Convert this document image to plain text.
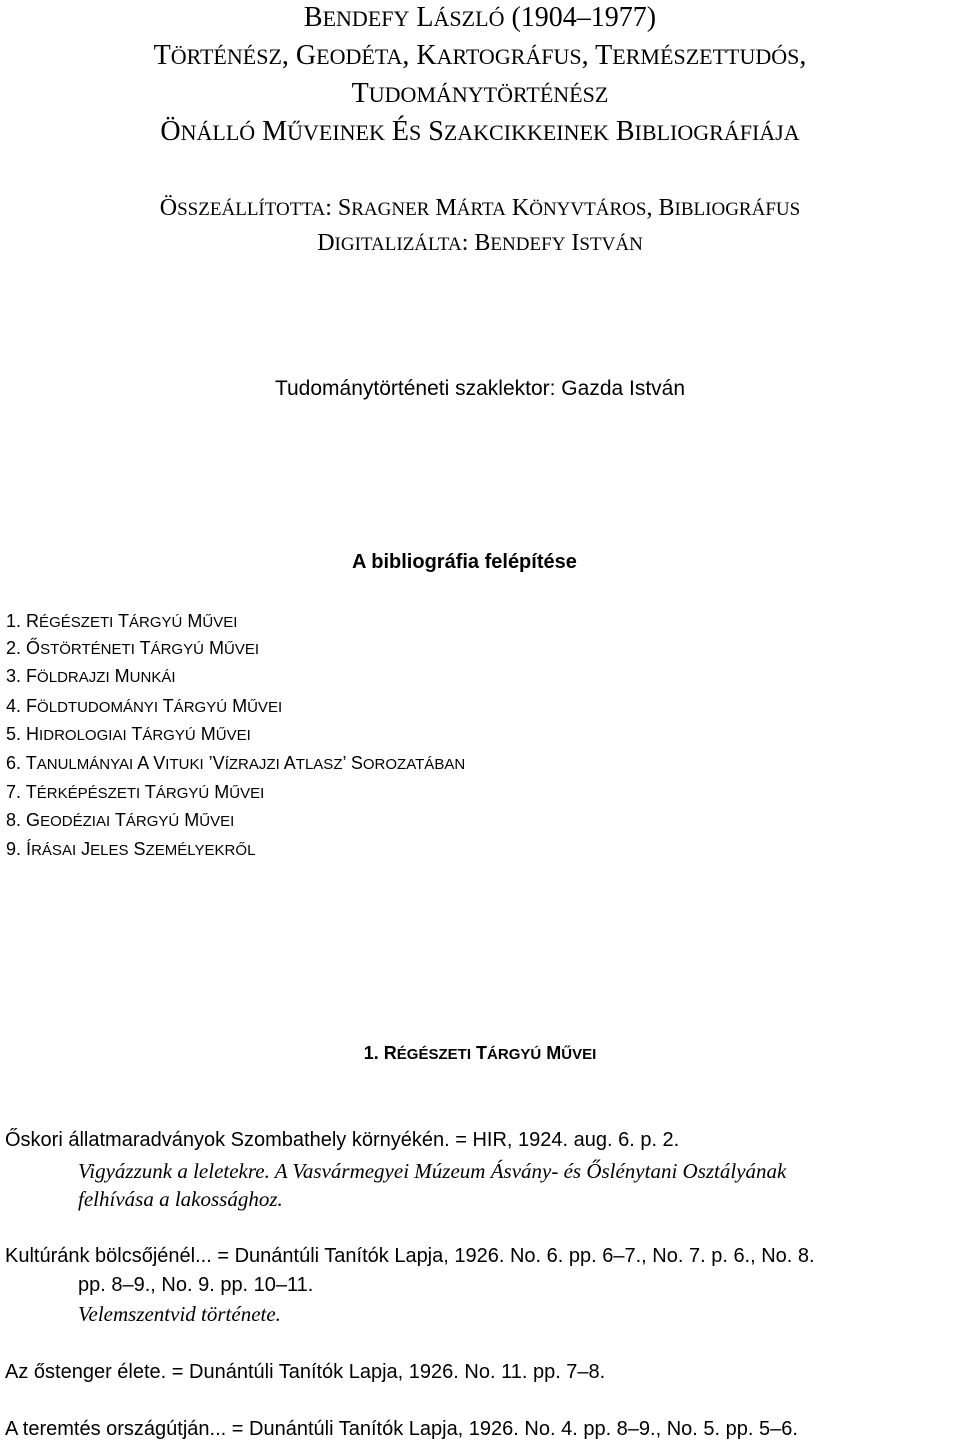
BENDEFY LÁSZLÓ (1904–1977)
TÖRTÉNÉSZ, GEODÉTA, KARTOGRÁFUS, TERMÉSZETTUDÓS,
TUDOMÁNYTÖRTÉNÉSZ
ÖNÁLLÓ MŰVEINEK ÉS SZAKCIKKEINEK BIBLIOGRÁFIÁJA
ÖSSZEÁLLÍTOTTA: SRAGNER MÁRTA KÖNYVTÁROS, BIBLIOGRÁFUS
DIGITALIZÁLTA: BENDEFY ISTVÁN
Tudománytörténeti szaklektor: Gazda István
A bibliográfia felépítése
1. RÉGÉSZETI TÁRGYÚ MŰVEI
2. ŐSTÖRTÉNETI TÁRGYÚ MŰVEI
3. FÖLDRAJZI MUNKÁI
4. FÖLDTUDOMÁNYI TÁRGYÚ MŰVEI
5. HIDROLOGIAI TÁRGYÚ MŰVEI
6. TANULMÁNYAI A VITUKI ’VÍZRAJZI ATLASZ’ SOROZATÁBAN
7. TÉRKÉPÉSZETI TÁRGYÚ MŰVEI
8. GEODÉZIAI TÁRGYÚ MŰVEI
9. ÍRÁSAI JELES SZEMÉLYEKRŐL
1. RÉGÉSZETI TÁRGYÚ MŰVEI
Őskori állatmaradványok Szombathely környékén. = HIR, 1924. aug. 6. p. 2.
Vigyázzunk a leletekre. A Vasvármegyei Múzeum Ásvány- és Őslénytani Osztályának
felhívása a lakossághoz.
Kultúránk bölcsőjénél... = Dunántúli Tanítók Lapja, 1926. No. 6. pp. 6–7., No. 7. p. 6., No. 8.
pp. 8–9., No. 9. pp. 10–11.
Velemszentvid története.
Az őstenger élete. = Dunántúli Tanítók Lapja, 1926. No. 11. pp. 7–8.
A teremtés országútján... = Dunántúli Tanítók Lapja, 1926. No. 4. pp. 8–9., No. 5. pp. 5–6.
